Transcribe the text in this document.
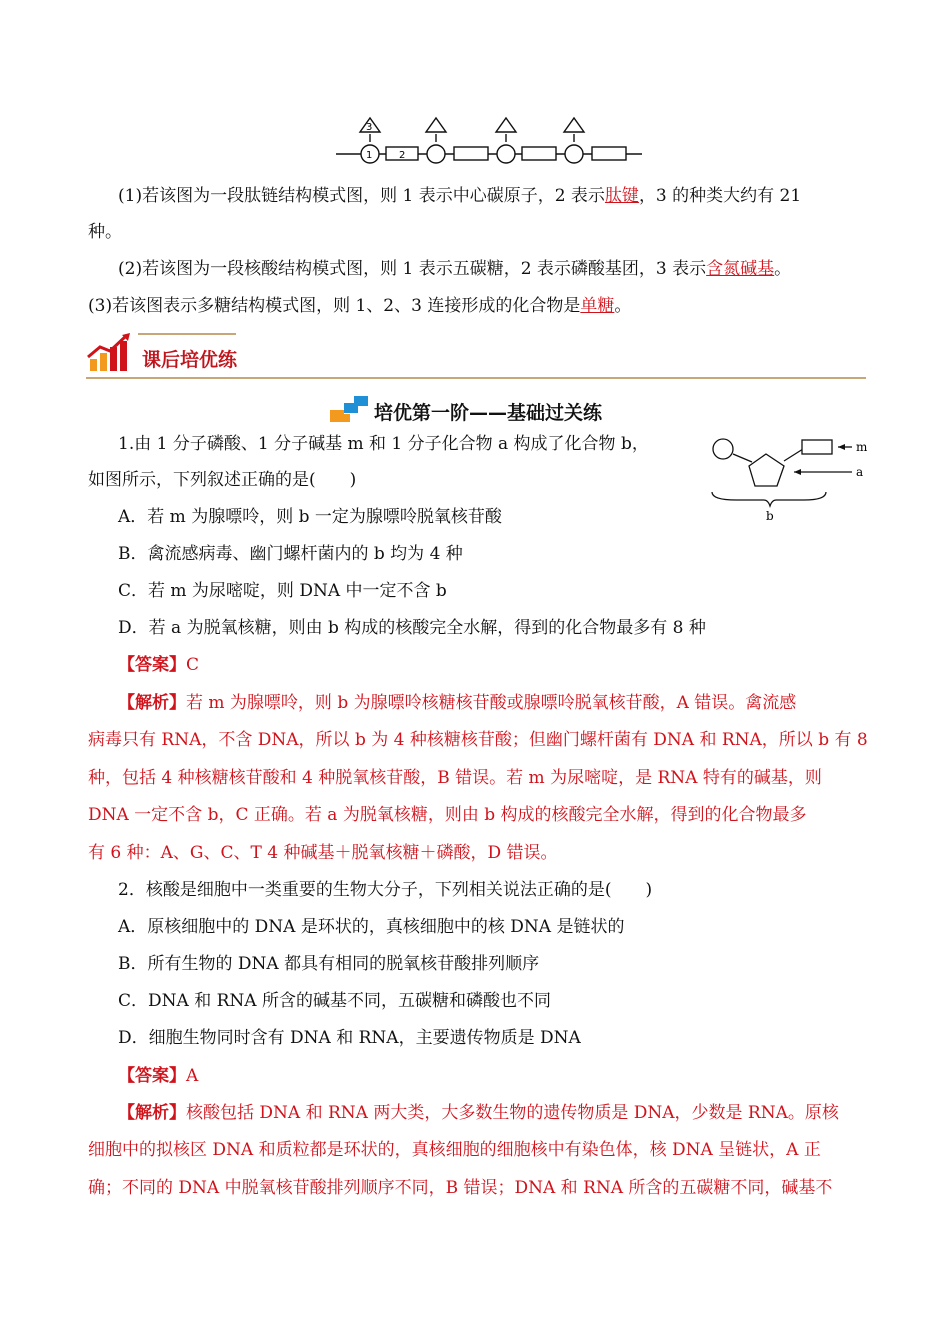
3
1	2
(1)若该图为一段肽链结构模式图，则 1 表示中心碳原子，2 表示肽键，3 的种类大约有 21
种。
(2)若该图为一段核酸结构模式图，则 1 表示五碳糖，2 表示磷酸基团，3 表示含氮碱基。
(3)若该图表示多糖结构模式图，则 1、2、3 连接形成的化合物是单糖。
课后培优练
培优第一阶——基础过关练
1.由 1 分子磷酸、1 分子碱基 m 和 1 分子化合物 a 构成了化合物 b，
如图所示，下列叙述正确的是(　　)
m
a
b
A．若 m 为腺嘌呤，则 b 一定为腺嘌呤脱氧核苷酸
B．禽流感病毒、幽门螺杆菌内的 b 均为 4 种
C．若 m 为尿嘧啶，则 DNA 中一定不含 b
D．若 a 为脱氧核糖，则由 b 构成的核酸完全水解，得到的化合物最多有 8 种
【答案】C
【解析】若 m 为腺嘌呤，则 b 为腺嘌呤核糖核苷酸或腺嘌呤脱氧核苷酸，A 错误。禽流感
病毒只有 RNA，不含 DNA，所以 b 为 4 种核糖核苷酸；但幽门螺杆菌有 DNA 和 RNA，所以 b 有 8
种，包括 4 种核糖核苷酸和 4 种脱氧核苷酸，B 错误。若 m 为尿嘧啶，是 RNA 特有的碱基，则
DNA 一定不含 b，C 正确。若 a 为脱氧核糖，则由 b 构成的核酸完全水解，得到的化合物最多
有 6 种：A、G、C、T 4 种碱基＋脱氧核糖＋磷酸，D 错误。
2．核酸是细胞中一类重要的生物大分子，下列相关说法正确的是(　　)
A．原核细胞中的 DNA 是环状的，真核细胞中的核 DNA 是链状的
B．所有生物的 DNA 都具有相同的脱氧核苷酸排列顺序
C．DNA 和 RNA 所含的碱基不同，五碳糖和磷酸也不同
D．细胞生物同时含有 DNA 和 RNA，主要遗传物质是 DNA
【答案】A
【解析】核酸包括 DNA 和 RNA 两大类，大多数生物的遗传物质是 DNA，少数是 RNA。原核
细胞中的拟核区 DNA 和质粒都是环状的，真核细胞的细胞核中有染色体，核 DNA 呈链状，A 正
确；不同的 DNA 中脱氧核苷酸排列顺序不同，B 错误；DNA 和 RNA 所含的五碳糖不同，碱基不
